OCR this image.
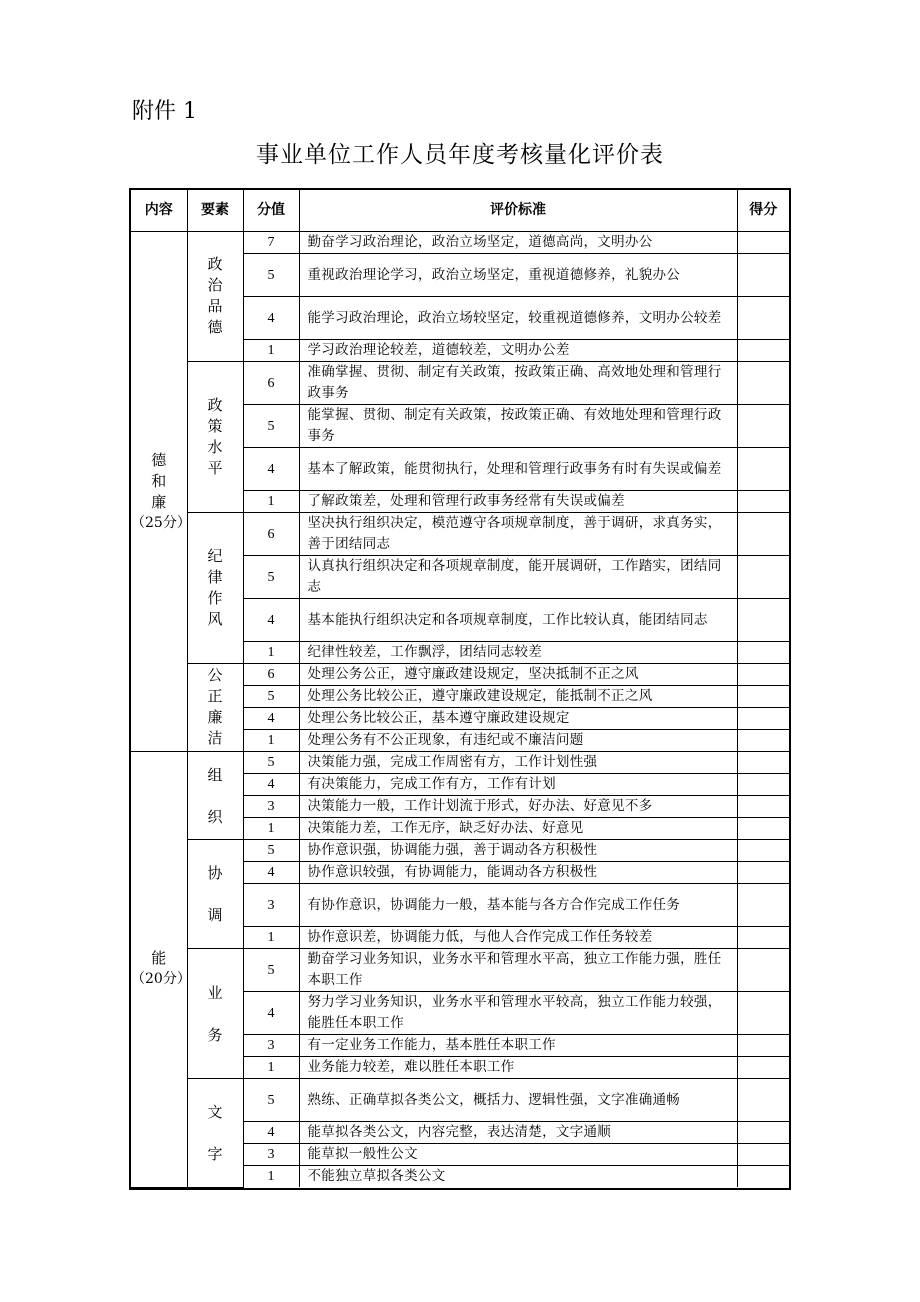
附件 1
事业单位工作人员年度考核量化评价表
内容	要素	分值	评价标准	得分

德和廉
（25分）	政治品德	7	勤奋学习政治理论，政治立场坚定，道德高尚，文明办公	
		5	重视政治理论学习，政治立场坚定，重视道德修养，礼貌办公	
		4	能学习政治理论，政治立场较坚定，较重视道德修养，文明办公较差	
		1	学习政治理论较差，道德较差，文明办公差	
	政策水平	6	准确掌握、贯彻、制定有关政策，按政策正确、高效地处理和管理行政事务	
		5	能掌握、贯彻、制定有关政策，按政策正确、有效地处理和管理行政事务	
		4	基本了解政策，能贯彻执行，处理和管理行政事务有时有失误或偏差	
		1	了解政策差，处理和管理行政事务经常有失误或偏差	
	纪律作风	6	坚决执行组织决定，模范遵守各项规章制度，善于调研，求真务实，善于团结同志	
		5	认真执行组织决定和各项规章制度，能开展调研，工作踏实，团结同志	
		4	基本能执行组织决定和各项规章制度，工作比较认真，能团结同志	
		1	纪律性较差，工作飘浮，团结同志较差	
	公正廉洁	6	处理公务公正，遵守廉政建设规定，坚决抵制不正之风	
		5	处理公务比较公正，遵守廉政建设规定，能抵制不正之风	
		4	处理公务比较公正，基本遵守廉政建设规定	
		1	处理公务有不公正现象，有违纪或不廉洁问题	

能
（20分）	组织	5	决策能力强，完成工作周密有方，工作计划性强	
		4	有决策能力，完成工作有方，工作有计划	
		3	决策能力一般，工作计划流于形式，好办法、好意见不多	
		1	决策能力差，工作无序，缺乏好办法、好意见	
	协调	5	协作意识强，协调能力强，善于调动各方积极性	
		4	协作意识较强，有协调能力，能调动各方积极性	
		3	有协作意识，协调能力一般，基本能与各方合作完成工作任务	
		1	协作意识差，协调能力低，与他人合作完成工作任务较差	
	业务	5	勤奋学习业务知识，业务水平和管理水平高，独立工作能力强，胜任本职工作	
		4	努力学习业务知识，业务水平和管理水平较高，独立工作能力较强，能胜任本职工作	
		3	有一定业务工作能力，基本胜任本职工作	
		1	业务能力较差，难以胜任本职工作	
	文字	5	熟练、正确草拟各类公文，概括力、逻辑性强，文字准确通畅	
		4	能草拟各类公文，内容完整，表达清楚，文字通顺	
		3	能草拟一般性公文	
		1	不能独立草拟各类公文	
